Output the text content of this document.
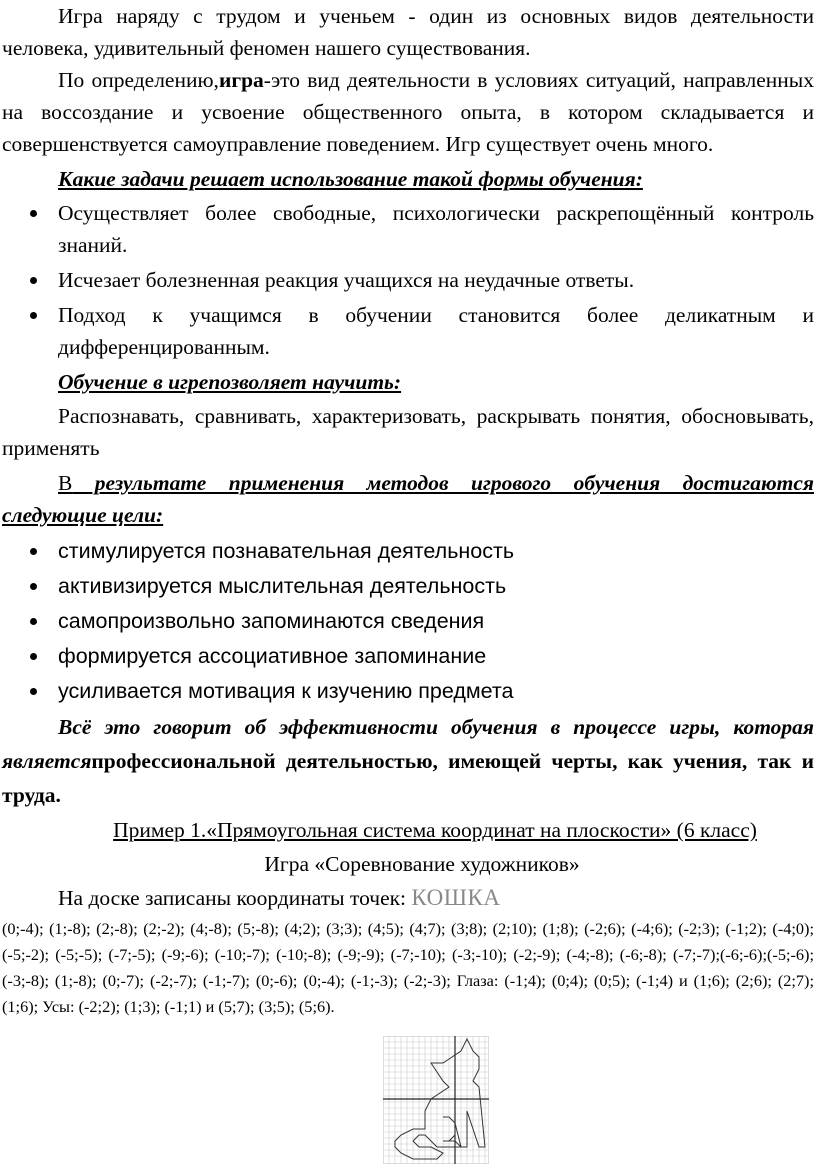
Игра наряду с трудом и ученьем - один из основных видов деятельности человека, удивительный феномен нашего существования.

По определению,игра-это вид деятельности в условиях ситуаций, направленных на воссоздание и усвоение общественного опыта, в котором складывается и совершенствуется самоуправление поведением. Игр существует очень много.

Какие задачи решает использование такой формы обучения:

Осуществляет более свободные, психологически раскрепощённый контроль знаний.
Исчезает болезненная реакция учащихся на неудачные ответы.
Подход к учащимся в обучении становится более деликатным и дифференцированным.

Обучение в игрепозволяет научить:

Распознавать, сравнивать, характеризовать, раскрывать понятия, обосновывать, применять

В результате применения методов игрового обучения достигаются следующие цели:

стимулируется познавательная деятельность
активизируется мыслительная деятельность
самопроизвольно запоминаются сведения
формируется ассоциативное запоминание
усиливается мотивация к изучению предмета

Всё это говорит об эффективности обучения в процессе игры, которая являетсяпрофессиональной деятельностью, имеющей черты, как учения, так и труда.

Пример 1.«Прямоугольная система координат на плоскости» (6 класс)

Игра «Соревнование художников»

На доске записаны координаты точек: КОШКА

(0;-4); (1;-8); (2;-8); (2;-2); (4;-8); (5;-8); (4;2); (3;3); (4;5); (4;7); (3;8); (2;10); (1;8); (-2;6); (-4;6); (-2;3); (-1;2); (-4;0);(-5;-2); (-5;-5); (-7;-5); (-9;-6); (-10;-7); (-10;-8); (-9;-9); (-7;-10); (-3;-10); (-2;-9); (-4;-8); (-6;-8); (-7;-7);(-6;-6);(-5;-6); (-3;-8); (1;-8); (0;-7); (-2;-7); (-1;-7); (0;-6); (0;-4); (-1;-3); (-2;-3); Глаза: (-1;4); (0;4); (0;5); (-1;4) и (1;6); (2;6); (2;7); (1;6); Усы: (-2;2); (1;3); (-1;1) и (5;7); (3;5); (5;6).
